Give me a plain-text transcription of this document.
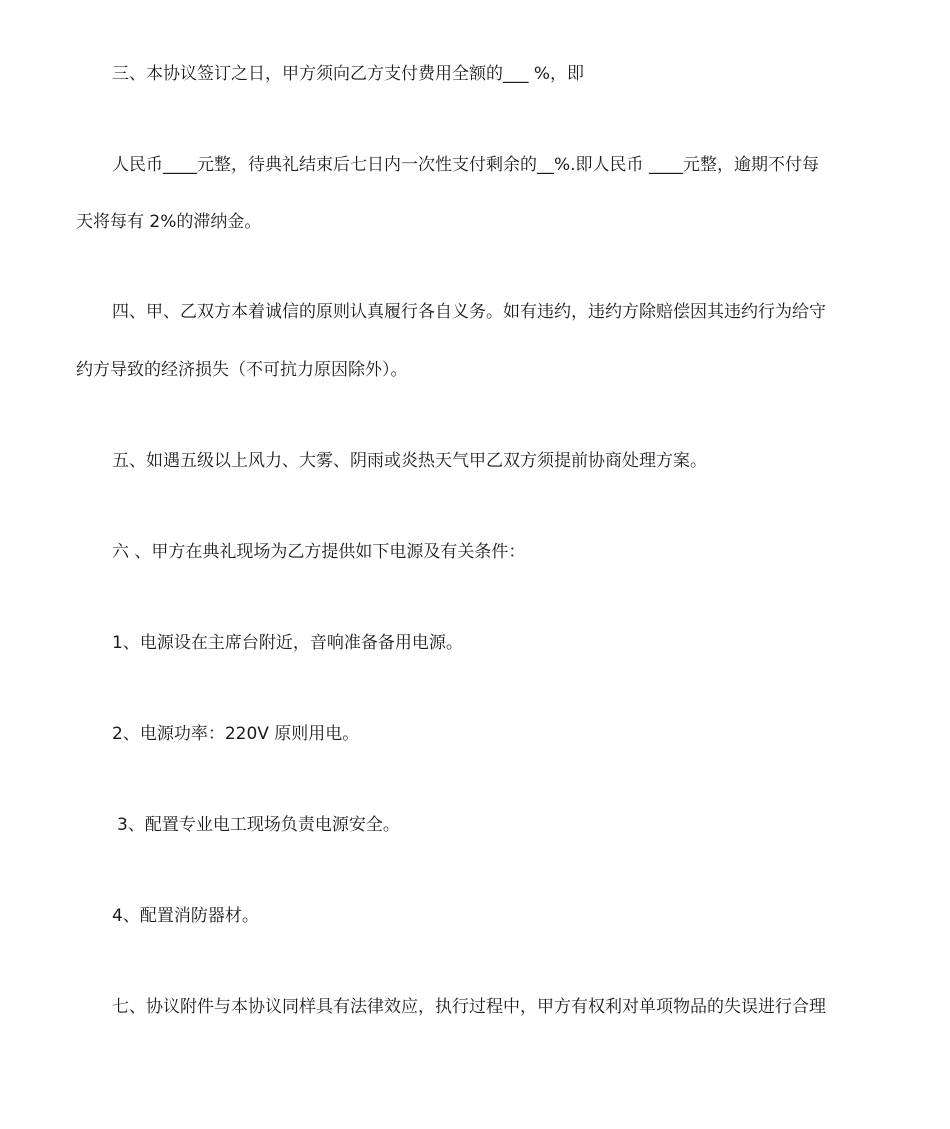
三、本协议签订之日，甲方须向乙方支付费用全额的___ %，即
人民币____元整，待典礼结束后七日内一次性支付剩余的__%.即人民币 ____元整，逾期不付每
天将每有 2%的滞纳金。
四、甲、乙双方本着诚信的原则认真履行各自义务。如有违约，违约方除赔偿因其违约行为给守
约方导致的经济损失（不可抗力原因除外）。
五、如遇五级以上风力、大雾、阴雨或炎热天气甲乙双方须提前协商处理方案。
六 、甲方在典礼现场为乙方提供如下电源及有关条件：
1、电源设在主席台附近，音响准备备用电源。
2、电源功率：220V 原则用电。
3、配置专业电工现场负责电源安全。
4、配置消防器材。
七、协议附件与本协议同样具有法律效应，执行过程中，甲方有权利对单项物品的失误进行合理
